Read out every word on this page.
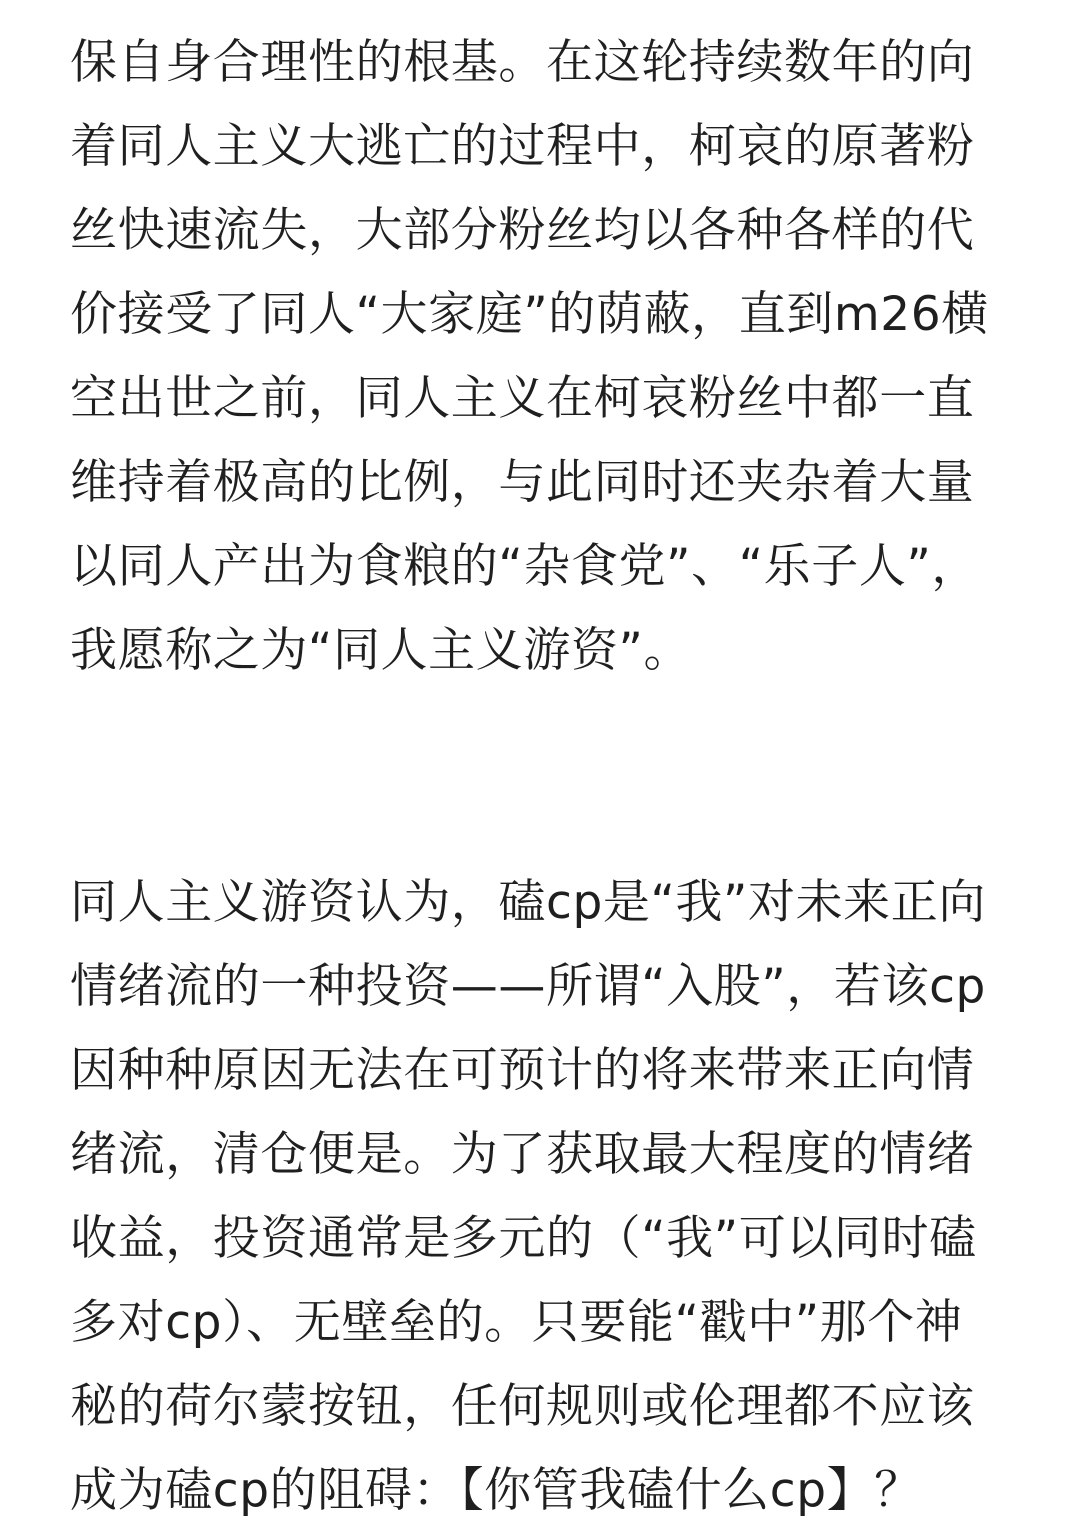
保自身合理性的根基。在这轮持续数年的向
着同人主义大逃亡的过程中，柯哀的原著粉
丝快速流失，大部分粉丝均以各种各样的代
价接受了同人“大家庭”的荫蔽，直到m26横
空出世之前，同人主义在柯哀粉丝中都一直
维持着极高的比例，与此同时还夹杂着大量
以同人产出为食粮的“杂食党”、“乐子人”，
我愿称之为“同人主义游资”。
同人主义游资认为，磕cp是“我”对未来正向
情绪流的一种投资——所谓“入股”，若该cp
因种种原因无法在可预计的将来带来正向情
绪流，清仓便是。为了获取最大程度的情绪
收益，投资通常是多元的（“我”可以同时磕
多对cp）、无壁垒的。只要能“戳中”那个神
秘的荷尔蒙按钮，任何规则或伦理都不应该
成为磕cp的阻碍：【你管我磕什么cp】？
